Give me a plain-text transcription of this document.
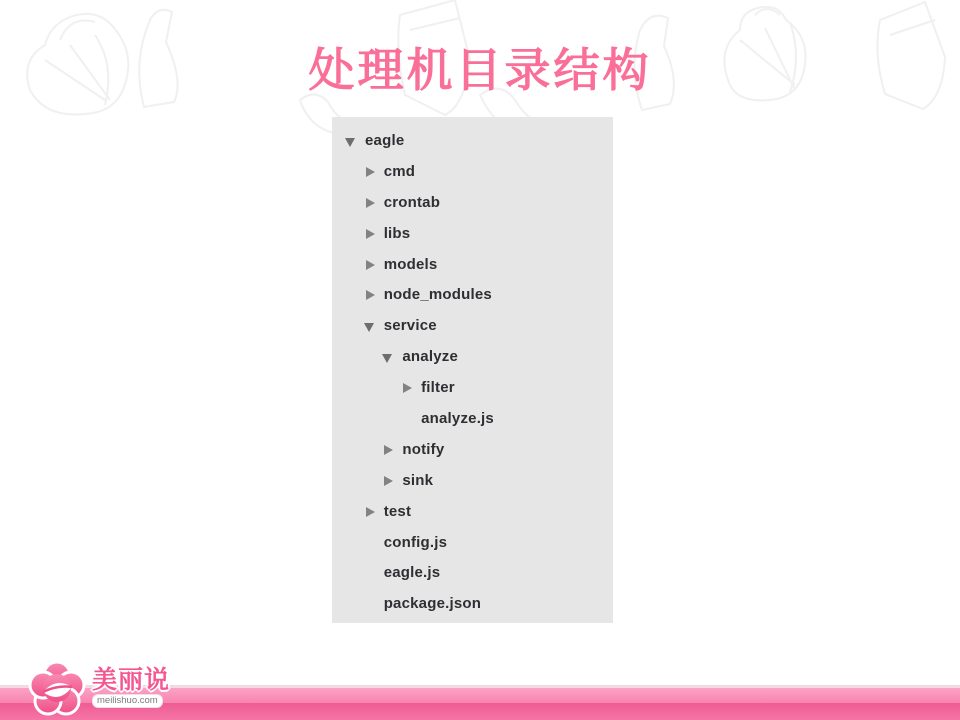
处理机目录结构
eagle
cmd
crontab
libs
models
node_modules
service
analyze
filter
analyze.js
notify
sink
test
config.js
eagle.js
package.json
美丽说
meilishuo.com
